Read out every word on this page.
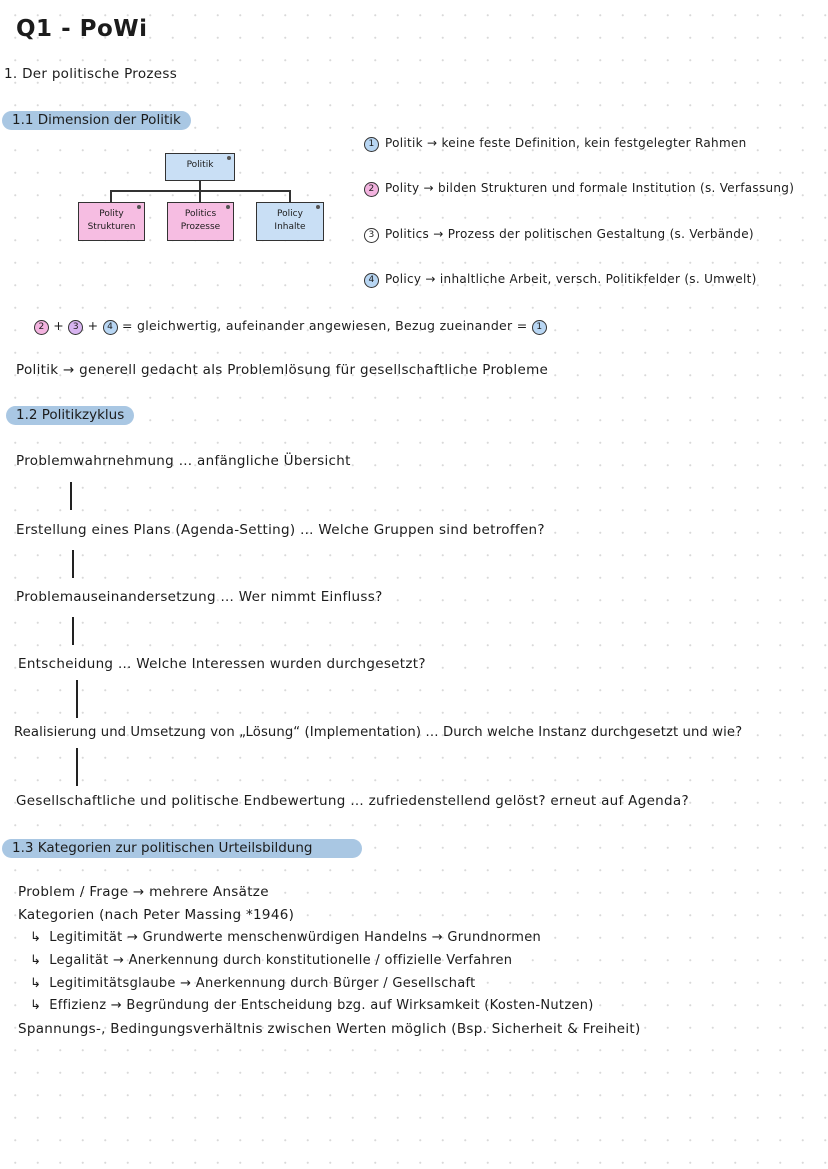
Q1 - PoWi
1. Der politische Prozess
1.1 Dimension der Politik
Politik
Polity
Strukturen
Politics
Prozesse
Policy
Inhalte
1 Politik → keine feste Definition, kein festgelegter Rahmen
2 Polity → bilden Strukturen und formale Institution (s. Verfassung)
3 Politics → Prozess der politischen Gestaltung (s. Verbände)
4 Policy → inhaltliche Arbeit, versch. Politikfelder (s. Umwelt)
2 + 3 + 4 = gleichwertig, aufeinander angewiesen, Bezug zueinander = 1
Politik → generell gedacht als Problemlösung für gesellschaftliche Probleme
1.2 Politikzyklus
Problemwahrnehmung … anfängliche Übersicht
Erstellung eines Plans (Agenda-Setting) … Welche Gruppen sind betroffen?
Problemauseinandersetzung … Wer nimmt Einfluss?
Entscheidung … Welche Interessen wurden durchgesetzt?
Realisierung und Umsetzung von „Lösung“ (Implementation) … Durch welche Instanz durchgesetzt und wie?
Gesellschaftliche und politische Endbewertung … zufriedenstellend gelöst? erneut auf Agenda?
1.3 Kategorien zur politischen Urteilsbildung
Problem / Frage → mehrere Ansätze
Kategorien (nach Peter Massing *1946)
↳ Legitimität → Grundwerte menschenwürdigen Handelns → Grundnormen
↳ Legalität → Anerkennung durch konstitutionelle / offizielle Verfahren
↳ Legitimitätsglaube → Anerkennung durch Bürger / Gesellschaft
↳ Effizienz → Begründung der Entscheidung bzg. auf Wirksamkeit (Kosten-Nutzen)
Spannungs-, Bedingungsverhältnis zwischen Werten möglich (Bsp. Sicherheit & Freiheit)
